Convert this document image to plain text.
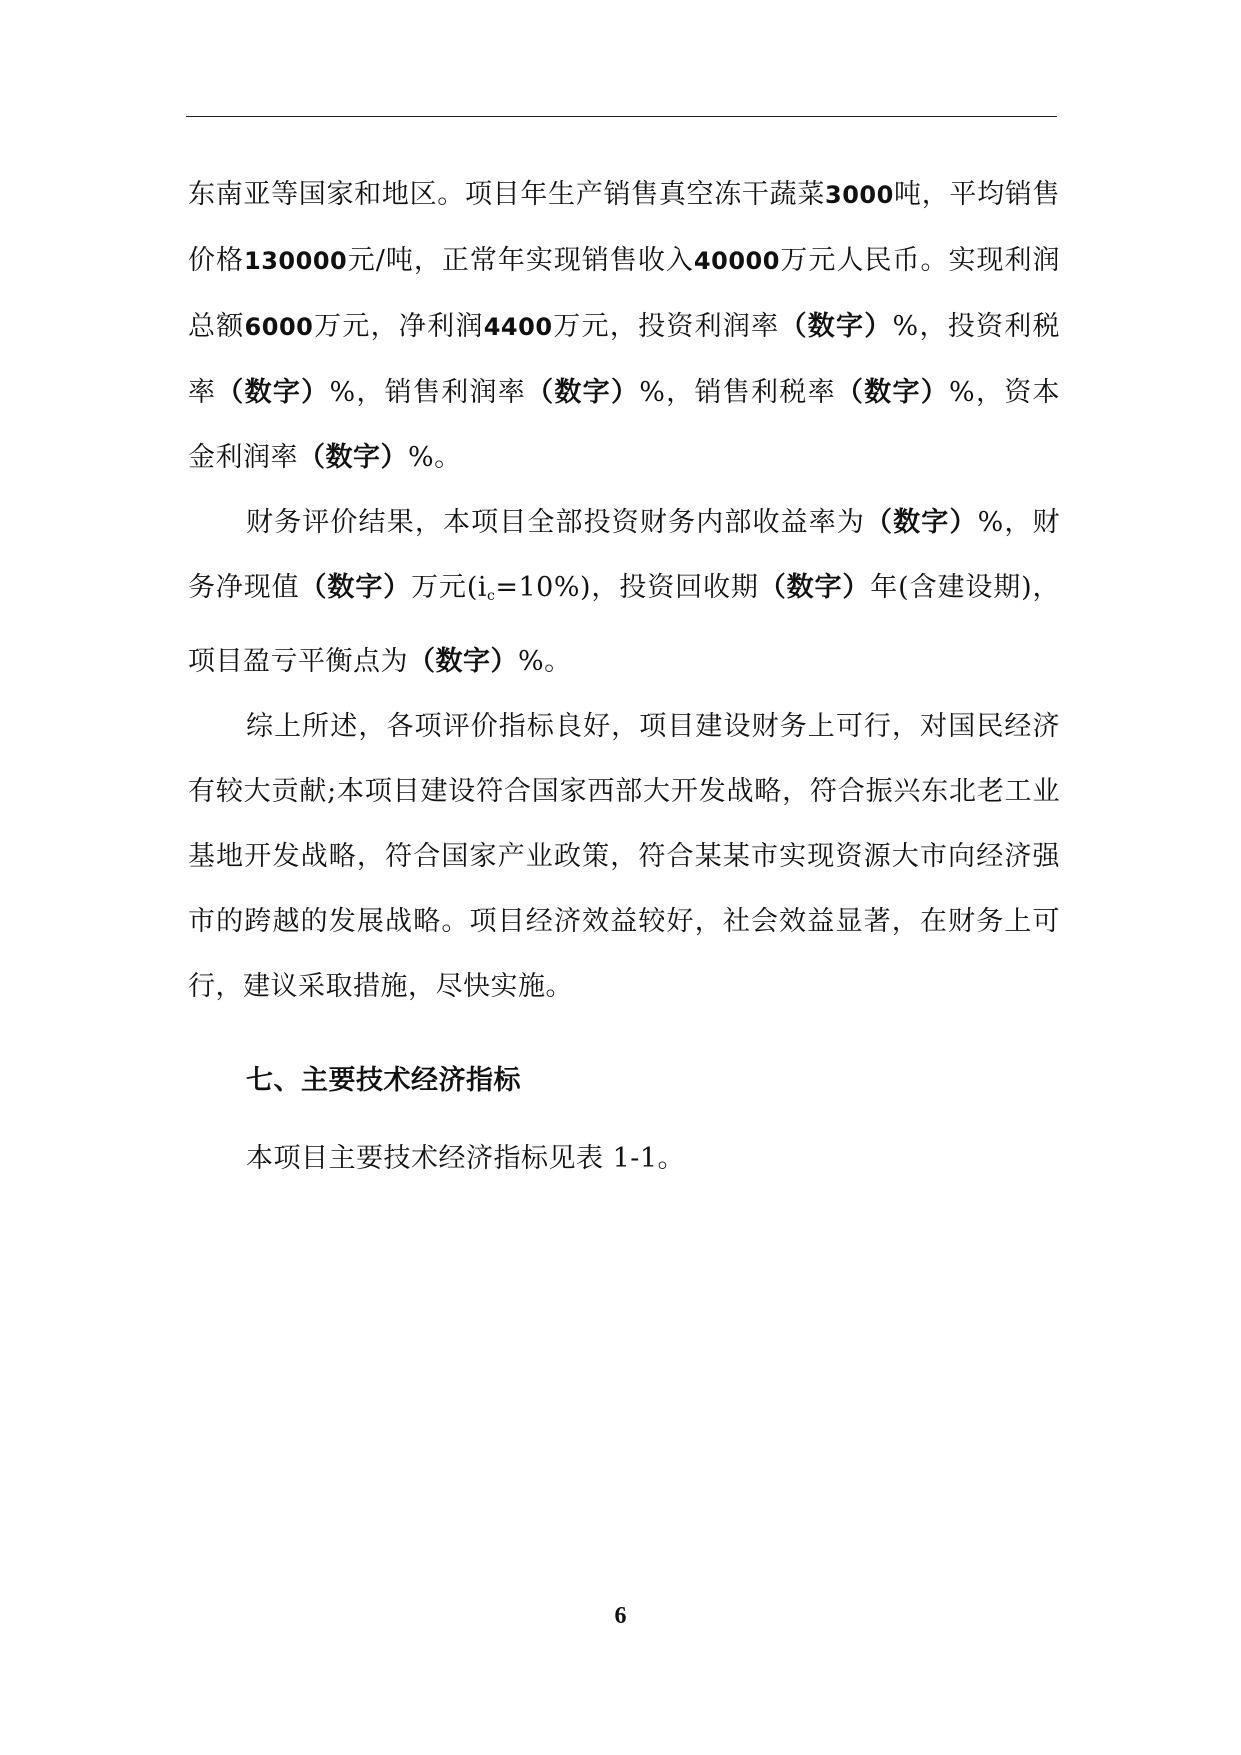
东南亚等国家和地区。项目年生产销售真空冻干蔬菜3000吨，平均销售价格130000元/吨，正常年实现销售收入40000万元人民币。实现利润总额6000万元，净利润4400万元，投资利润率（数字）%，投资利税率（数字）%，销售利润率（数字）%，销售利税率（数字）%，资本金利润率（数字）%。

财务评价结果，本项目全部投资财务内部收益率为（数字）%，财务净现值（数字）万元$(i_c=10\%)$，投资回收期（数字）年(含建设期)，项目盈亏平衡点为（数字）%。

综上所述，各项评价指标良好，项目建设财务上可行，对国民经济有较大贡献;本项目建设符合国家西部大开发战略，符合振兴东北老工业基地开发战略，符合国家产业政策，符合某某市实现资源大市向经济强市的跨越的发展战略。项目经济效益较好，社会效益显著，在财务上可行，建议采取措施，尽快实施。

七、主要技术经济指标

本项目主要技术经济指标见表 1-1。

6
